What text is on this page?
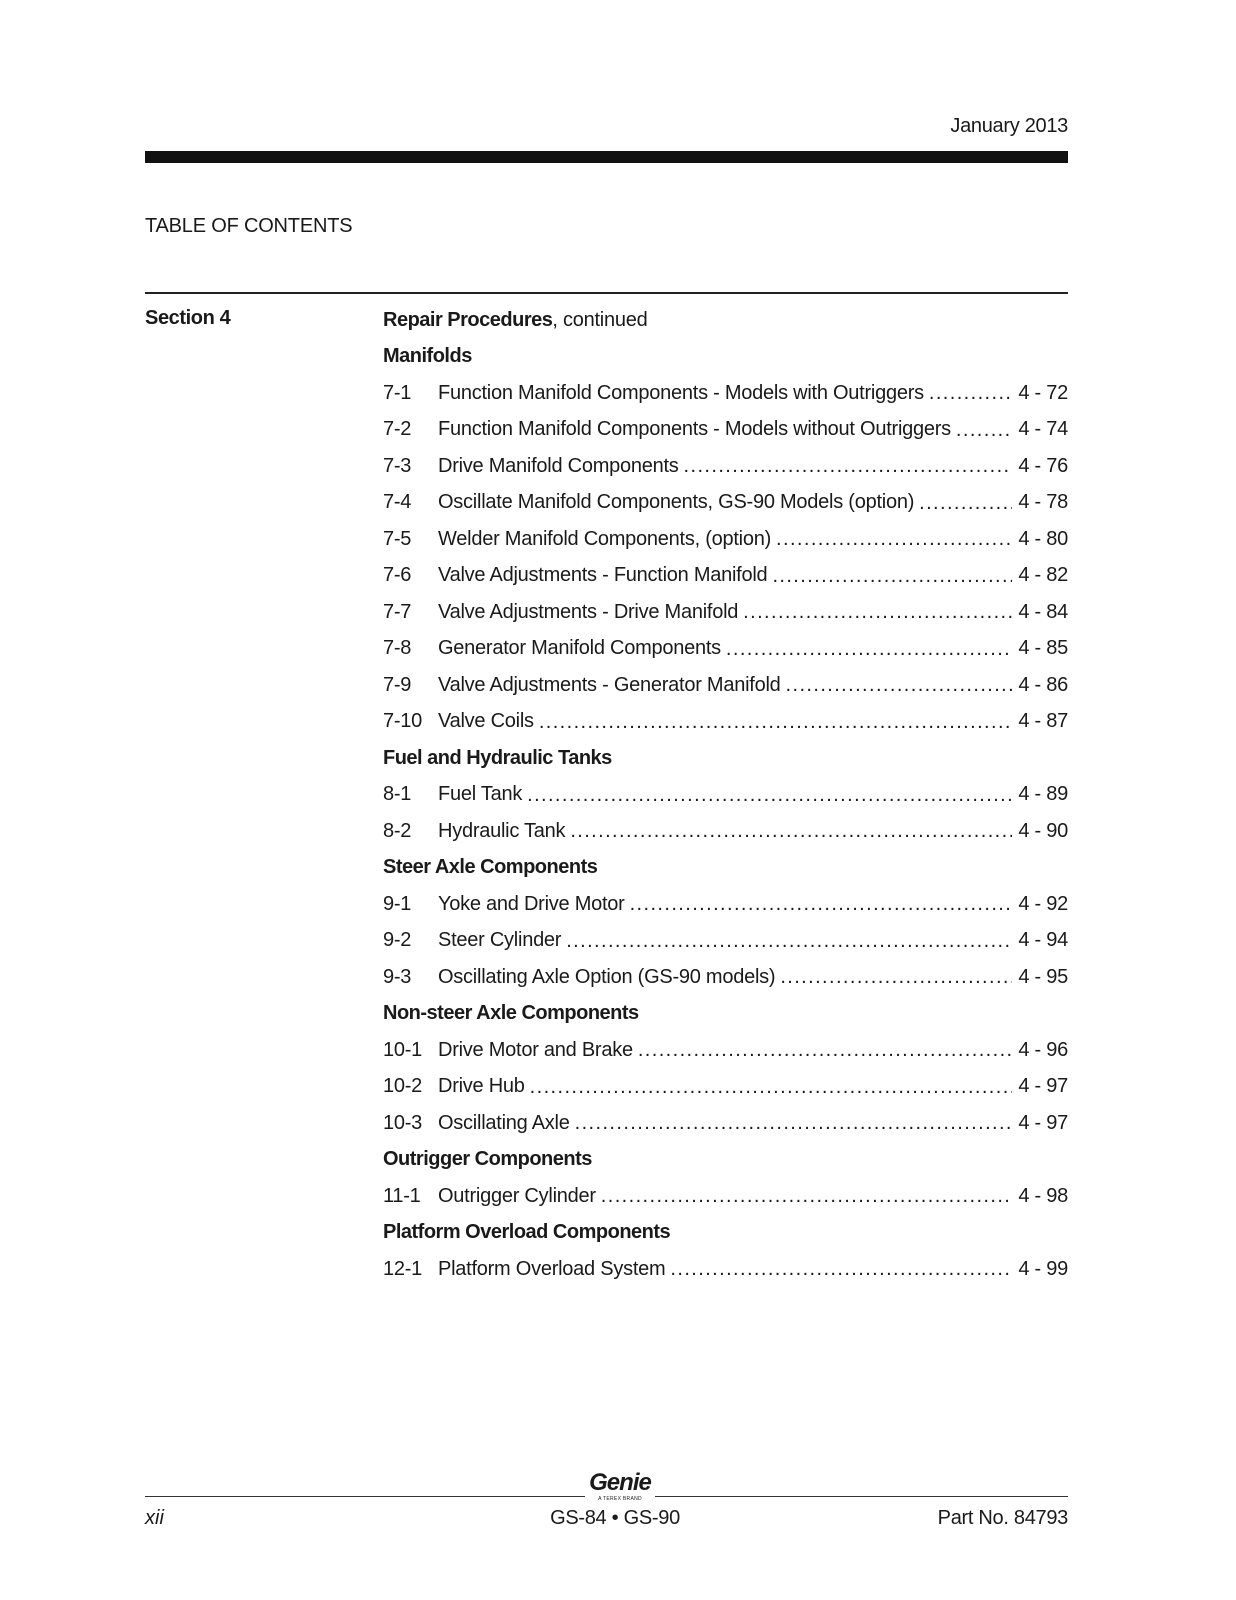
January 2013
TABLE OF CONTENTS
Section 4	Repair Procedures , continued
Manifolds
7-1	Function Manifold Components - Models with Outriggers .....	4 - 72
7-2	Function Manifold Components - Models without Outriggers .....	4 - 74
7-3	Drive Manifold Components .....	4 - 76
7-4	Oscillate Manifold Components, GS-90 Models (option) .....	4 - 78
7-5	Welder Manifold Components, (option) .....	4 - 80
7-6	Valve Adjustments - Function Manifold .....	4 - 82
7-7	Valve Adjustments - Drive Manifold .....	4 - 84
7-8	Generator Manifold Components .....	4 - 85
7-9	Valve Adjustments - Generator Manifold .....	4 - 86
7-10 Valve Coils .....	4 - 87
Fuel and Hydraulic Tanks
8-1	Fuel Tank .....	4 - 89
8-2	Hydraulic Tank .....	4 - 90
Steer Axle Components
9-1	Yoke and Drive Motor .....	4 - 92
9-2	Steer Cylinder .....	4 - 94
9-3	Oscillating Axle Option (GS-90 models) .....	4 - 95
Non-steer Axle Components
10-1 Drive Motor and Brake .....	4 - 96
10-2 Drive Hub .....	4 - 97
10-3 Oscillating Axle .....	4 - 97
Outrigger Components
11-1 Outrigger Cylinder .....	4 - 98
Platform Overload Components
12-1 Platform Overload System .....	4 - 99
Genie
A TEREX BRAND
xii	GS-84 • GS-90	Part No. 84793
